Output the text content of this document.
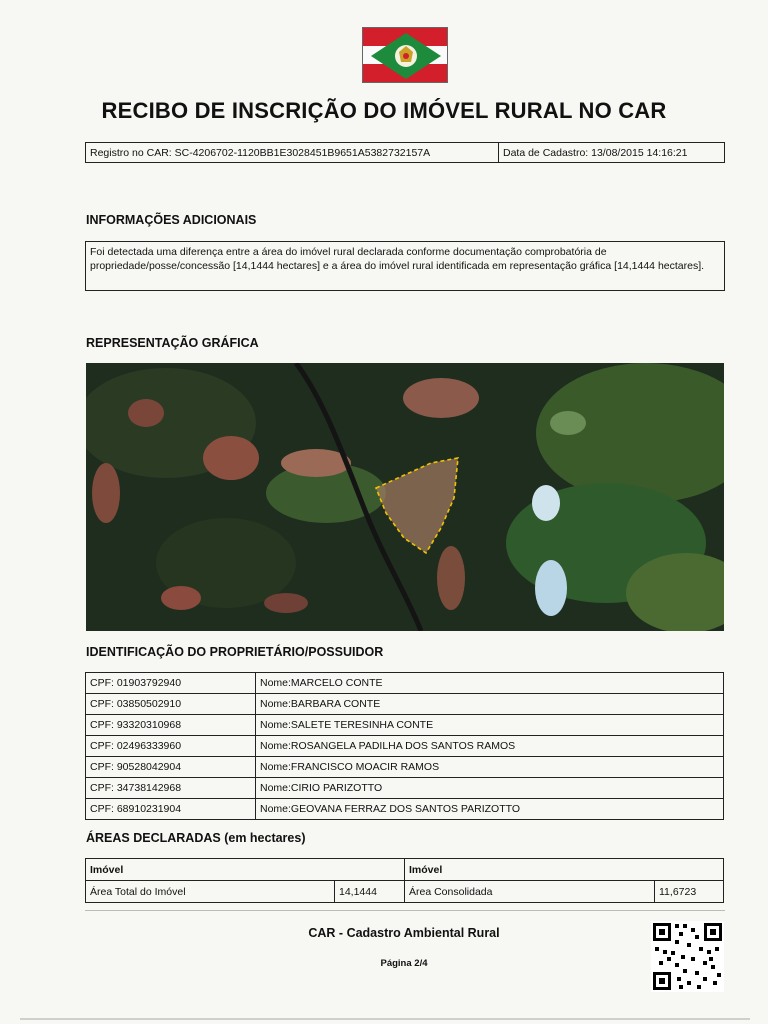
RECIBO DE INSCRIÇÃO DO IMÓVEL RURAL NO CAR
Registro no CAR: SC-4206702-1120BB1E3028451B9651A5382732157A	Data de Cadastro: 13/08/2015 14:16:21
INFORMAÇÕES ADICIONAIS
Foi detectada uma diferença entre a área do imóvel rural declarada conforme documentação comprobatória de propriedade/posse/concessão [14,1444 hectares] e a área do imóvel rural identificada em representação gráfica [14,1444 hectares].
REPRESENTAÇÃO GRÁFICA
IDENTIFICAÇÃO DO PROPRIETÁRIO/POSSUIDOR
CPF: 01903792940	Nome:MARCELO CONTE
CPF: 03850502910	Nome:BARBARA CONTE
CPF: 93320310968	Nome:SALETE TERESINHA CONTE
CPF: 02496333960	Nome:ROSANGELA PADILHA DOS SANTOS RAMOS
CPF: 90528042904	Nome:FRANCISCO MOACIR RAMOS
CPF: 34738142968	Nome:CIRIO PARIZOTTO
CPF: 68910231904	Nome:GEOVANA FERRAZ DOS SANTOS PARIZOTTO
ÁREAS DECLARADAS (em hectares)
Imóvel		Imóvel	
Área Total do Imóvel	14,1444	Área Consolidada	11,6723
CAR - Cadastro Ambiental Rural
Página 2/4
